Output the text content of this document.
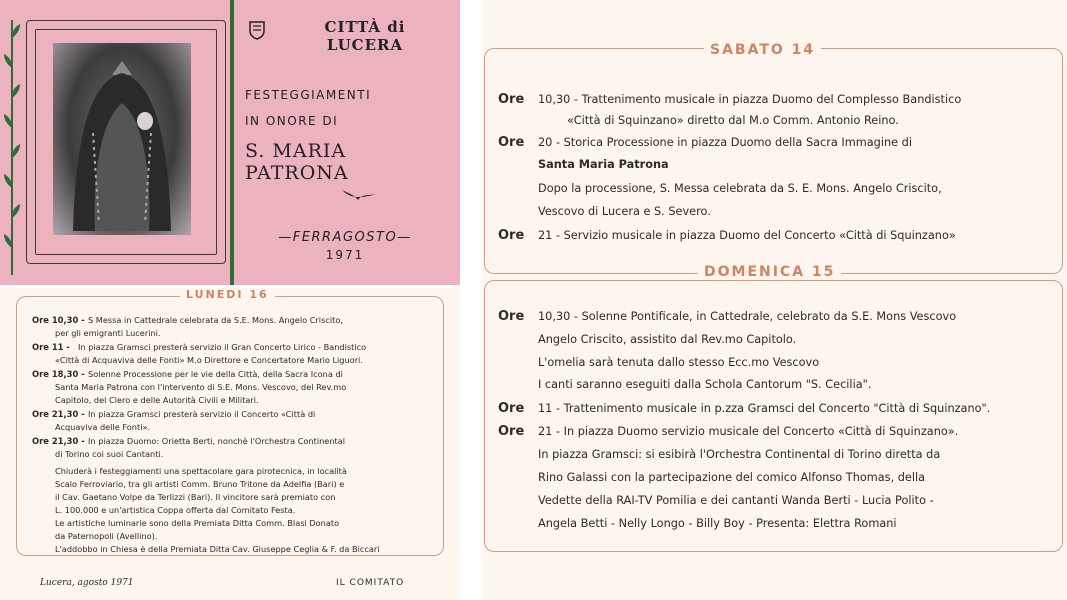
CITTÀ di LUCERA
FESTEGGIAMENTI
IN ONORE DI
S. MARIA PATRONA
—FERRAGOSTO—
1971
LUNEDI 16
Ore 10,30 - S Messa in Cattedrale celebrata da S.E. Mons. Angelo Criscito,
per gli emigranti Lucerini.
Ore 11 - In piazza Gramsci presterà servizio il Gran Concerto Lirico - Bandistico
«Città di Acquaviva delle Fonti» M.o Direttore e Concertatore Mario Liguori.
Ore 18,30 - Solenne Processione per le vie della Città, della Sacra Icona di
Santa Maria Patrona con l'intervento di S.E. Mons. Vescovo, del Rev.mo
Capitolo, del Clero e delle Autorità Civili e Militari.
Ore 21,30 - In piazza Gramsci presterà servizio il Concerto «Città di
Acquaviva delle Fonti».
Ore 21,30 - In piazza Duomo: Orietta Berti, nonchè l'Orchestra Continental
di Torino coi suoi Cantanti.
Chiuderà i festeggiamenti una spettacolare gara pirotecnica, in località
Scalo Ferroviario, tra gli artisti Comm. Bruno Tritone da Adelfia (Bari) e
il Cav. Gaetano Volpe da Terlizzi (Bari). Il vincitore sarà premiato con
L. 100.000 e un'artistica Coppa offerta dal Comitato Festa.
Le artistiche luminarie sono della Premiata Ditta Comm. Blasi Donato
da Paternopoli (Avellino).
L'addobbo in Chiesa è della Premiata Ditta Cav. Giuseppe Ceglia & F. da Biccari
Lucera, agosto 1971	IL COMITATO
SABATO 14
Ore 10,30 - Trattenimento musicale in piazza Duomo del Complesso Bandistico
«Città di Squinzano» diretto dal M.o Comm. Antonio Reino.
Ore 20 - Storica Processione in piazza Duomo della Sacra Immagine di
Santa Maria Patrona
Dopo la processione, S. Messa celebrata da S. E. Mons. Angelo Criscito,
Vescovo di Lucera e S. Severo.
Ore 21 - Servizio musicale in piazza Duomo del Concerto «Città di Squinzano»
DOMENICA 15
Ore 10,30 - Solenne Pontificale, in Cattedrale, celebrato da S.E. Mons Vescovo
Angelo Criscito, assistito dal Rev.mo Capitolo.
L'omelia sarà tenuta dallo stesso Ecc.mo Vescovo
I canti saranno eseguiti dalla Schola Cantorum "S. Cecilia".
Ore 11 - Trattenimento musicale in p.zza Gramsci del Concerto "Città di Squinzano".
Ore 21 - In piazza Duomo servizio musicale del Concerto «Città di Squinzano».
In piazza Gramsci: si esibirà l'Orchestra Continental di Torino diretta da
Rino Galassi con la partecipazione del comico Alfonso Thomas, della
Vedette della RAI-TV Pomilia e dei cantanti Wanda Berti - Lucia Polito -
Angela Betti - Nelly Longo - Billy Boy - Presenta: Elettra Romani
